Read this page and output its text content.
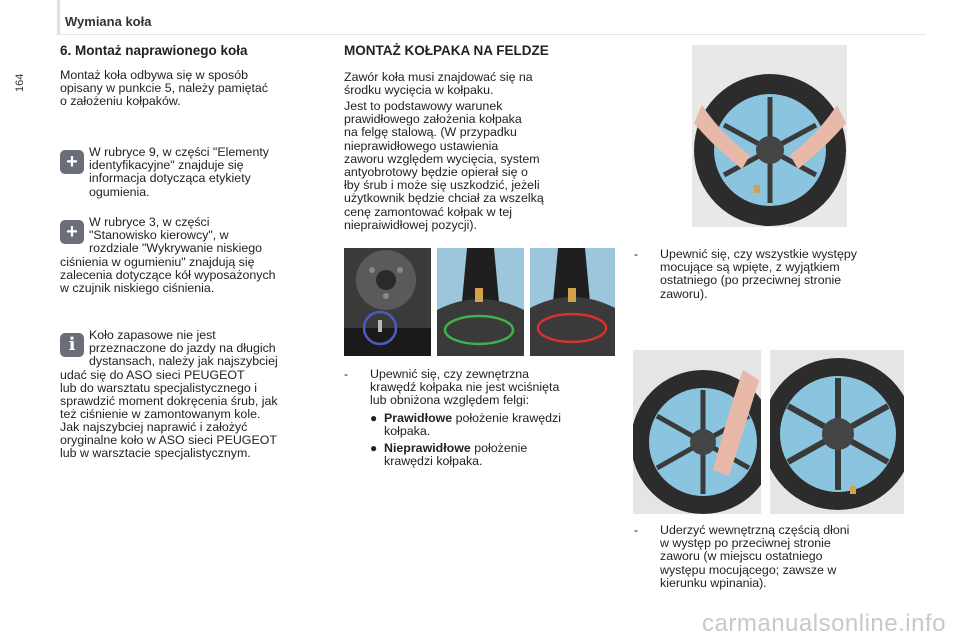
Wymiana koła
164
6. Montaż naprawionego koła

Montaż koła odbywa się w sposób

opisany w punkcie 5, należy pamiętać

o założeniu kołpaków.

+ W rubryce 9, w części "Elementy

identyfikacyjne" znajduje się

informacja dotycząca etykiety

ogumienia.

+ W rubryce 3, w części

"Stanowisko kierowcy", w

rozdziale "Wykrywanie niskiego

ciśnienia w ogumieniu" znajdują się

zalecenia dotyczące kół wyposażonych

w czujnik niskiego ciśnienia.

i	Koło zapasowe nie jest

przeznaczone do jazdy na długich

dystansach, należy jak najszybciej

udać się do ASO sieci PEUGEOT

lub do warsztatu specjalistycznego i

sprawdzić moment dokręcenia śrub, jak

też ciśnienie w zamontowanym kole.

Jak najszybciej naprawić i założyć

oryginalne koło w ASO sieci PEUGEOT

lub w warsztacie specjalistycznym.

MONTAŻ KOŁPAKA NA FELDZE

Zawór koła musi znajdować się na

środku wycięcia w kołpaku.

Jest to podstawowy warunek

prawidłowego założenia kołpaka

na felgę stalową. (W przypadku

nieprawidłowego ustawienia

zaworu względem wycięcia, system

antyobrotowy będzie opierał się o

łby śrub i może się uszkodzić, jeżeli

użytkownik będzie chciał za wszelką

cenę zamontować kołpak w tej

niepraiwidłowej pozycji).

-	Upewnić się, czy zewnętrzna

krawędź kołpaka nie jest wciśnięta

lub obniżona względem felgi:

● Prawidłowe położenie krawędzi

kołpaka.

● Nieprawidłowe położenie

krawędzi kołpaka.

-	Upewnić się, czy wszystkie występy

mocujące są wpięte, z wyjątkiem

ostatniego (po przeciwnej stronie

zaworu).

-	Uderzyć wewnętrzną częścią dłoni

w występ po przeciwnej stronie

zaworu (w miejscu ostatniego

występu mocującego; zawsze w

kierunku wpinania).

carmanualsonline.info
